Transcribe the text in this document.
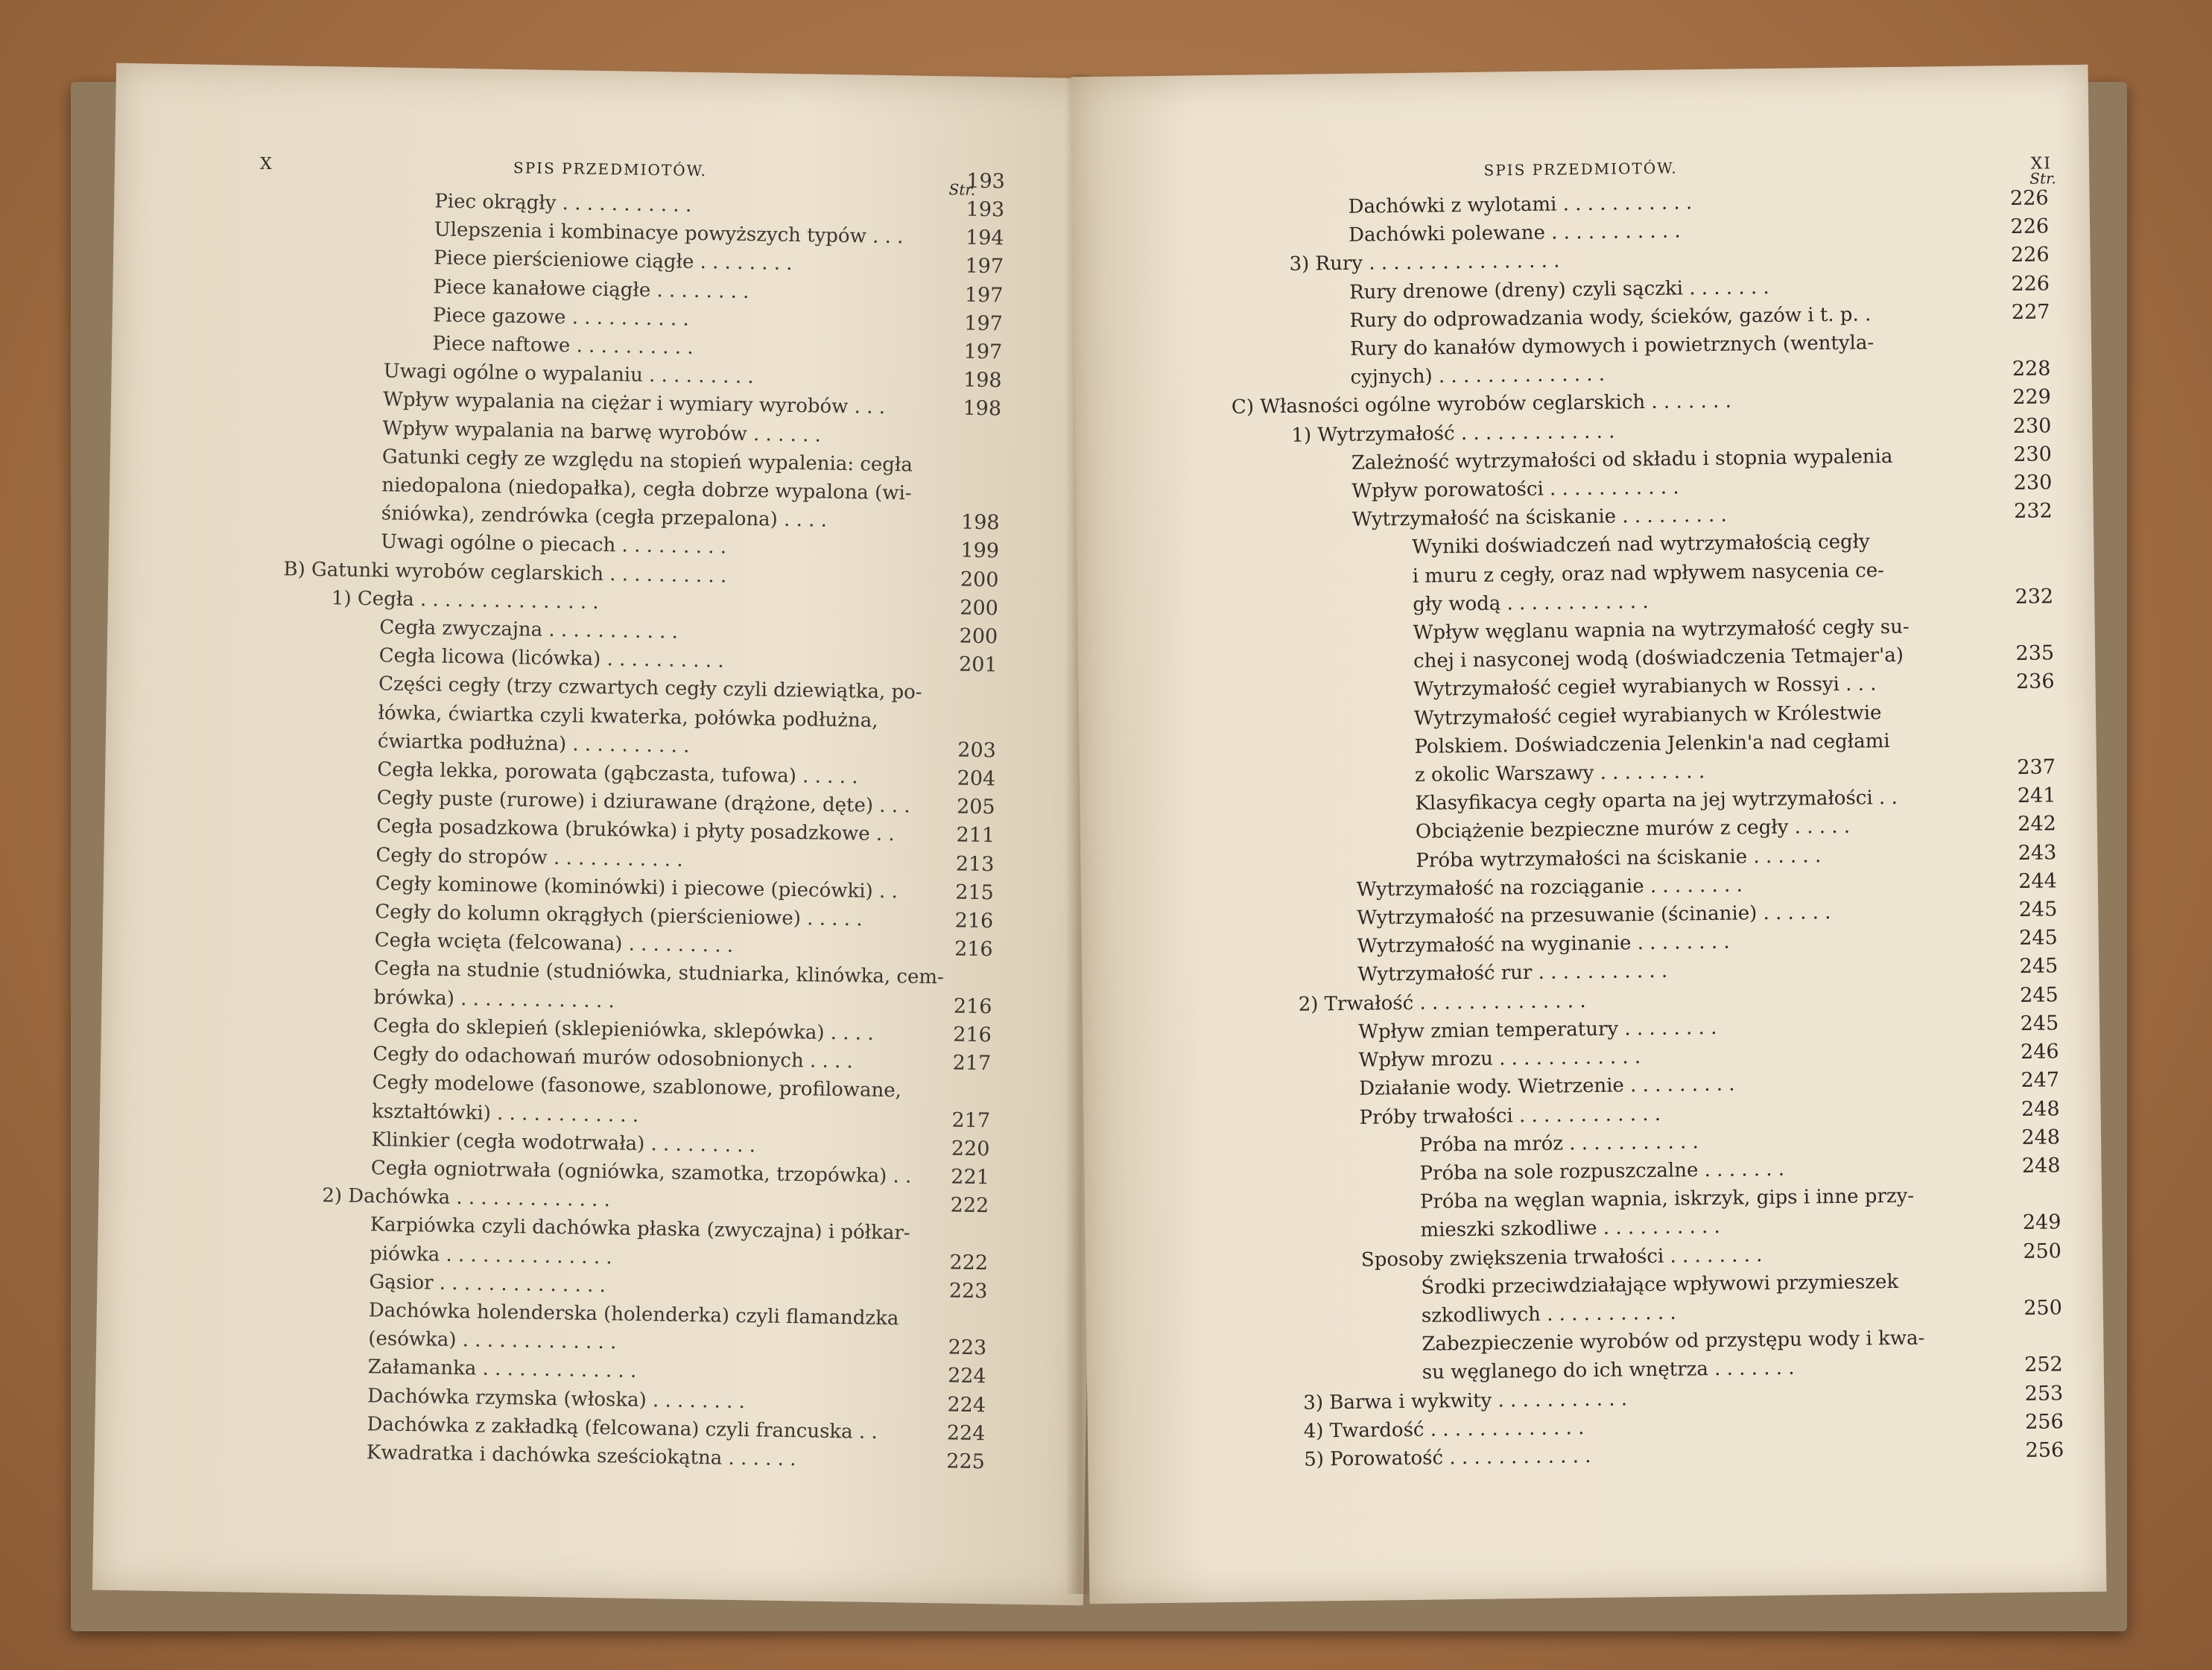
X	SPIS PRZEDMIOTÓW.
Str.
193
Piec okrągły . . . . . . . . . . .	193
Ulepszenia i kombinacye powyższych typów . . .	194
Piece pierścieniowe ciągłe . . . . . . . .	197
Piece kanałowe ciągłe . . . . . . . .	197
Piece gazowe . . . . . . . . . .	197
Piece naftowe . . . . . . . . . .	197
Uwagi ogólne o wypalaniu . . . . . . . . .	198
Wpływ wypalania na ciężar i wymiary wyrobów . . .	198
Wpływ wypalania na barwę wyrobów . . . . . .
Gatunki cegły ze względu na stopień wypalenia: cegła
niedopalona (niedopałka), cegła dobrze wypalona (wi-
śniówka), zendrówka (cegła przepalona) . . . .	198
Uwagi ogólne o piecach . . . . . . . . .	199
B) Gatunki wyrobów ceglarskich . . . . . . . . . .	200
1) Cegła . . . . . . . . . . . . . . .	200
Cegła zwyczajna . . . . . . . . . . .	200
Cegła licowa (licówka) . . . . . . . . . .	201
Części cegły (trzy czwartych cegły czyli dziewiątka, po-
łówka, ćwiartka czyli kwaterka, połówka podłużna,
ćwiartka podłużna) . . . . . . . . . .	203
Cegła lekka, porowata (gąbczasta, tufowa) . . . . .	204
Cegły puste (rurowe) i dziurawane (drążone, dęte) . . .	205
Cegła posadzkowa (brukówka) i płyty posadzkowe . .	211
Cegły do stropów . . . . . . . . . . .	213
Cegły kominowe (kominówki) i piecowe (piecówki) . .	215
Cegły do kolumn okrągłych (pierścieniowe) . . . . .	216
Cegła wcięta (felcowana) . . . . . . . . .	216
Cegła na studnie (studniówka, studniarka, klinówka, cem-
brówka) . . . . . . . . . . . . .	216
Cegła do sklepień (sklepieniówka, sklepówka) . . . .	216
Cegły do odachowań murów odosobnionych . . . .	217
Cegły modelowe (fasonowe, szablonowe, profilowane,
kształtówki) . . . . . . . . . . . .	217
Klinkier (cegła wodotrwała) . . . . . . . . .	220
Cegła ogniotrwała (ogniówka, szamotka, trzopówka) . .	221
2) Dachówka . . . . . . . . . . . . .	222
Karpiówka czyli dachówka płaska (zwyczajna) i półkar-
piówka . . . . . . . . . . . . . .	222
Gąsior . . . . . . . . . . . . . .	223
Dachówka holenderska (holenderka) czyli flamandzka
(esówka) . . . . . . . . . . . . .	223
Załamanka . . . . . . . . . . . . .	224
Dachówka rzymska (włoska) . . . . . . . .	224
Dachówka z zakładką (felcowana) czyli francuska . .	224
Kwadratka i dachówka sześciokątna . . . . . .	225
SPIS PRZEDMIOTÓW.	XI
Str.
Dachówki z wylotami . . . . . . . . . . .	226
Dachówki polewane . . . . . . . . . . .	226
3) Rury . . . . . . . . . . . . . . . .	226
Rury drenowe (dreny) czyli sączki . . . . . . .	226
Rury do odprowadzania wody, ścieków, gazów i t. p. .	227
Rury do kanałów dymowych i powietrznych (wentyla-
cyjnych) . . . . . . . . . . . . . .	228
C) Własności ogólne wyrobów ceglarskich . . . . . . .	229
1) Wytrzymałość . . . . . . . . . . . . .	230
Zależność wytrzymałości od składu i stopnia wypalenia	230
Wpływ porowatości . . . . . . . . . . .	230
Wytrzymałość na ściskanie . . . . . . . . .	232
Wyniki doświadczeń nad wytrzymałością cegły
i muru z cegły, oraz nad wpływem nasycenia ce-
gły wodą . . . . . . . . . . . .	232
Wpływ węglanu wapnia na wytrzymałość cegły su-
chej i nasyconej wodą (doświadczenia Tetmajer'a)	235
Wytrzymałość cegieł wyrabianych w Rossyi . . .	236
Wytrzymałość cegieł wyrabianych w Królestwie
Polskiem. Doświadczenia Jelenkin'a nad cegłami
z okolic Warszawy . . . . . . . . .	237
Klasyfikacya cegły oparta na jej wytrzymałości . .	241
Obciążenie bezpieczne murów z cegły . . . . .	242
Próba wytrzymałości na ściskanie . . . . . .	243
Wytrzymałość na rozciąganie . . . . . . . .	244
Wytrzymałość na przesuwanie (ścinanie) . . . . . .	245
Wytrzymałość na wyginanie . . . . . . . .	245
Wytrzymałość rur . . . . . . . . . . .	245
2) Trwałość . . . . . . . . . . . . . .	245
Wpływ zmian temperatury . . . . . . . .	245
Wpływ mrozu . . . . . . . . . . . .	246
Działanie wody. Wietrzenie . . . . . . . . .	247
Próby trwałości . . . . . . . . . . . .	248
Próba na mróz . . . . . . . . . . .	248
Próba na sole rozpuszczalne . . . . . . .	248
Próba na węglan wapnia, iskrzyk, gips i inne przy-
mieszki szkodliwe . . . . . . . . . .	249
Sposoby zwiększenia trwałości . . . . . . . .	250
Środki przeciwdziałające wpływowi przymieszek
szkodliwych . . . . . . . . . . .	250
Zabezpieczenie wyrobów od przystępu wody i kwa-
su węglanego do ich wnętrza . . . . . . .	252
3) Barwa i wykwity . . . . . . . . . . .	253
4) Twardość . . . . . . . . . . . . .	256
5) Porowatość . . . . . . . . . . . .	256
